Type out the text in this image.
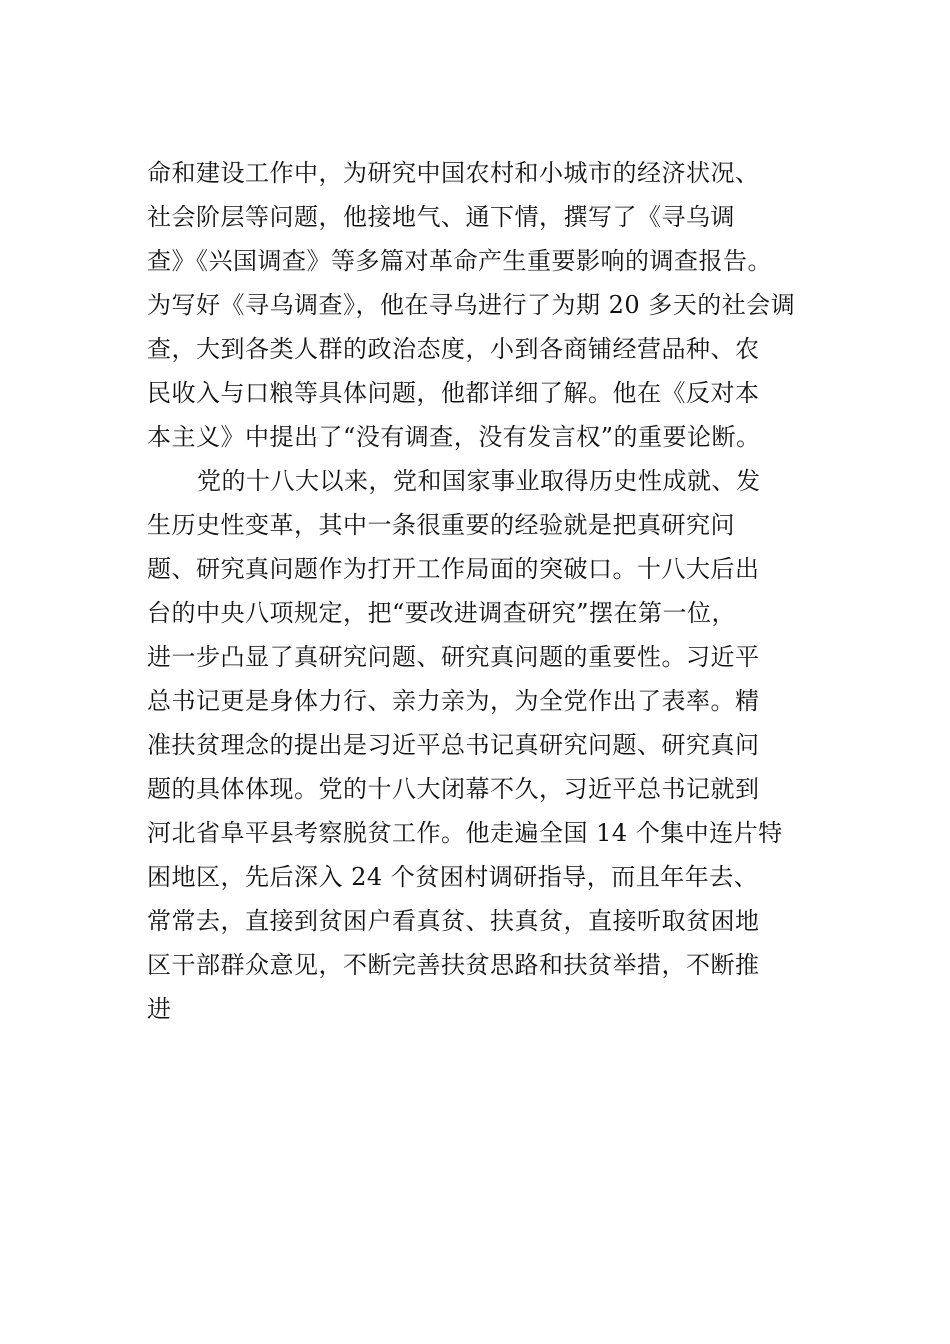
命和建设工作中，为研究中国农村和小城市的经济状况、
社会阶层等问题，他接地气、通下情，撰写了《寻乌调
查》《兴国调查》等多篇对革命产生重要影响的调查报告。
为写好《寻乌调查》，他在寻乌进行了为期 20 多天的社会调
查，大到各类人群的政治态度，小到各商铺经营品种、农
民收入与口粮等具体问题，他都详细了解。他在《反对本
本主义》中提出了“没有调查，没有发言权”的重要论断。
党的十八大以来，党和国家事业取得历史性成就、发
生历史性变革，其中一条很重要的经验就是把真研究问
题、研究真问题作为打开工作局面的突破口。十八大后出
台的中央八项规定，把“要改进调查研究”摆在第一位，
进一步凸显了真研究问题、研究真问题的重要性。习近平
总书记更是身体力行、亲力亲为，为全党作出了表率。精
准扶贫理念的提出是习近平总书记真研究问题、研究真问
题的具体体现。党的十八大闭幕不久，习近平总书记就到
河北省阜平县考察脱贫工作。他走遍全国 14 个集中连片特
困地区，先后深入 24 个贫困村调研指导，而且年年去、
常常去，直接到贫困户看真贫、扶真贫，直接听取贫困地
区干部群众意见，不断完善扶贫思路和扶贫举措，不断推
进
